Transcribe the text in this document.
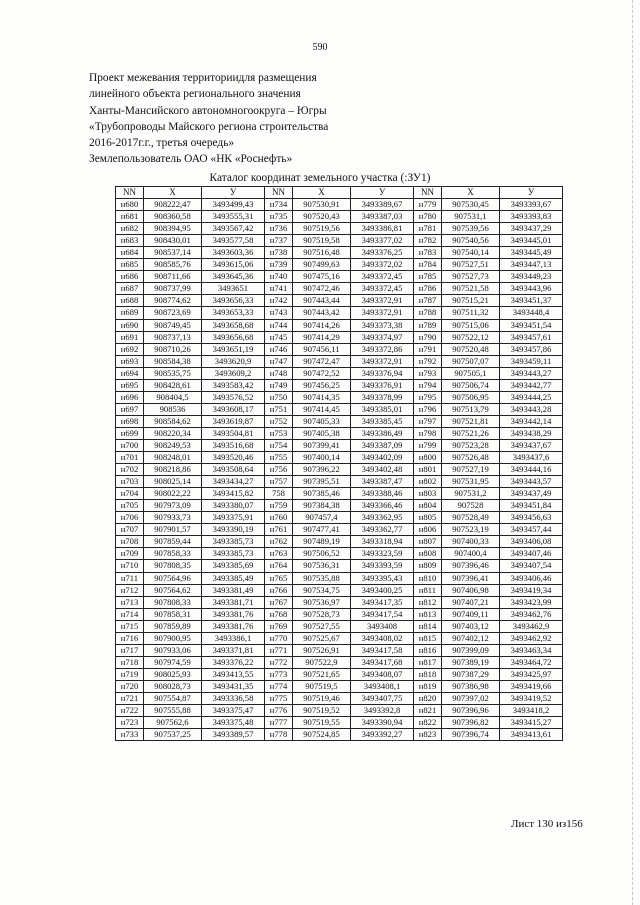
590
Проект межевания территориидля размещения
линейного объекта регионального значения
Ханты-Мансийского автономногоокруга – Югры
«Трубопроводы Майского региона строительства
2016-2017г.г., третья очередь»
Землепользователь ОАО «НК «Роснефть»
Каталог координат земельного участка (:ЗУ1)
NN	X	У	NN	X	У	NN	X	У
н680	908222,47	3493499,43	н734	907530,91	3493389,67	н779	907530,45	3493393,67
н681	908360,58	3493555,31	н735	907520,43	3493387,03	н780	907531,1	3493393,83
н682	908394,95	3493567,42	н736	907519,56	3493386,81	н781	907539,56	3493437,29
н683	908430,01	3493577,58	н737	907519,58	3493377,02	н782	907540,56	3493445,01
н684	908537,14	3493603,36	н738	907516,48	3493376,25	н783	907540,14	3493445,49
н685	908585,76	3493615,06	н739	907499,63	3493372,02	н784	907527,51	3493447,13
н686	908711,66	3493645,36	н740	907475,16	3493372,45	н785	907527,73	3493449,23
н687	908737,99	3493651	н741	907472,46	3493372,45	н786	907521,58	3493443,96
н688	908774,62	3493656,33	н742	907443,44	3493372,91	н787	907515,21	3493451,37
н689	908723,69	3493653,33	н743	907443,42	3493372,91	н788	907511,32	3493448,4
н690	908749,45	3493658,68	н744	907414,26	3493373,38	н789	907515,06	3493451,54
н691	908737,13	3493656,68	н745	907414,29	3493374,97	н790	907522,12	3493457,61
н692	908710,26	3493651,19	н746	907456,11	3493372,86	н791	907520,48	3493457,86
н693	908584,38	3493620,9	н747	907472,47	3493372,91	н792	907507,07	3493459,11
н694	908535,75	3493609,2	н748	907472,52	3493376,94	н793	907505,1	3493443,27
н695	908428,61	3493583,42	н749	907456,25	3493376,91	н794	907506,74	3493442,77
н696	908404,5	3493576,52	н750	907414,35	3493378,99	н795	907506,95	3493444,25
н697	908536	3493608,17	н751	907414,45	3493385,01	н796	907513,79	3493443,28
н698	908584,62	3493619,87	н752	907405,33	3493385,45	н797	907521,81	3493442,14
н699	908220,34	3493504,81	н753	907405,38	3493386,49	н798	907521,26	3493438,29
н700	908249,53	3493516,68	н754	907399,41	3493387,09	н799	907523,28	3493437,67
н701	908248,01	3493520,46	н755	907400,14	3493402,09	н800	907526,48	3493437,6
н702	908218,86	3493508,64	н756	907396,22	3493402,48	н801	907527,19	3493444,16
н703	908025,14	3493434,27	н757	907395,51	3493387,47	н802	907531,95	3493443,57
н704	908022,22	3493415,82	758	907385,46	3493388,46	н803	907531,2	3493437,49
н705	907973,09	3493380,07	н759	907384,38	3493366,46	н804	907528	3493451,84
н706	907933,73	3493375,91	н760	907457,4	3493362,95	н805	907528,49	3493456,63
н707	907901,57	3493390,19	н761	907477,41	3493362,77	н806	907523,19	3493457,44
н708	907859,44	3493385,73	н762	907489,19	3493318,94	н807	907400,33	3493406,08
н709	907858,33	3493385,73	н763	907506,52	3493323,59	н808	907400,4	3493407,46
н710	907808,35	3493385,69	н764	907536,31	3493393,59	н809	907396,46	3493407,54
н711	907564,96	3493385,49	н765	907535,88	3493395,43	н810	907396,41	3493406,46
н712	907564,62	3493381,49	н766	907534,75	3493400,25	н811	907406,98	3493419,34
н713	907808,33	3493381,71	н767	907536,97	3493417,35	н812	907407,21	3493423,99
н714	907858,31	3493381,76	н768	907528,73	3493417,54	н813	907409,11	3493462,76
н715	907859,89	3493381,76	н769	907527,55	3493408	н814	907403,12	3493462,9
н716	907900,95	3493386,1	н770	907525,67	3493408,02	н815	907402,12	3493462,92
н717	907933,06	3493371,81	н771	907526,91	3493417,58	н816	907399,09	3493463,34
н718	907974,59	3493376,22	н772	907522,9	3493417,68	н817	907389,19	3493464,72
н719	908025,93	3493413,55	н773	907521,65	3493408,07	н818	907387,29	3493425,97
н720	908028,73	3493431,35	н774	907519,5	3493408,1	н819	907386,98	3493419,66
н721	907554,87	3493336,58	н775	907519,46	3493407,75	н820	907397,02	3493419,52
н722	907555,88	3493375,47	н776	907519,52	3493392,8	н821	907396,96	3493418,2
н723	907562,6	3493375,48	н777	907519,55	3493390,94	н822	907396,82	3493415,27
н733	907537,25	3493389,57	н778	907524,85	3493392,27	н823	907396,74	3493413,61
Лист 130 из156
